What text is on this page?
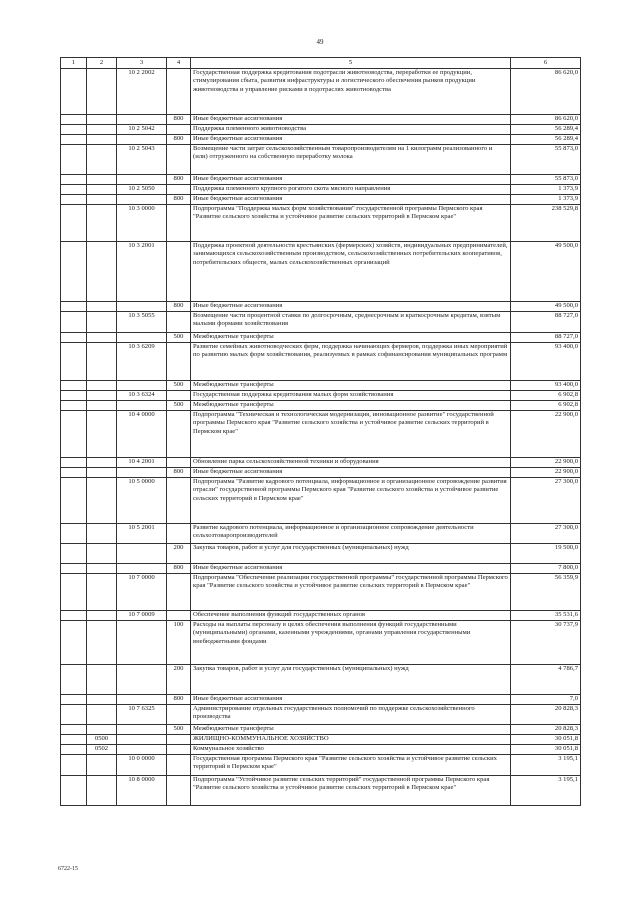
49
1	2	3	4	5	6
		10 2 2002		Государственная поддержка кредитования подотрасли животноводства, переработки ее продукции, стимулирования сбыта, развития инфраструктуры и логистического обеспечения рынков продукции животноводства и управление рисками в подотраслях животноводства	86 620,0
			800	Иные бюджетные ассигнования	86 620,0
		10 2 5042		Поддержка племенного животноводства	56 289,4
			800	Иные бюджетные ассигнования	56 289,4
		10 2 5043		Возмещение части затрат сельскохозяйственным товаропроизводителям на 1 килограмм реализованного и (или) отгруженного на собственную переработку молока	55 873,0
			800	Иные бюджетные ассигнования	55 873,0
		10 2 5050		Поддержка племенного крупного рогатого скота мясного направления	1 373,9
			800	Иные бюджетные ассигнования	1 373,9
		10 3 0000		Подпрограмма "Поддержка малых форм хозяйствования" государственной программы Пермского края "Развитие сельского хозяйства и устойчивое развитие сельских территорий в Пермском крае"	238 529,8
		10 3 2001		Поддержка проектной деятельности крестьянских (фермерских) хозяйств, индивидуальных предпринимателей, занимающихся сельскохозяйственным производством, сельскохозяйственных потребительских кооперативов, потребительских обществ, малых сельскохозяйственных организаций	49 500,0
			800	Иные бюджетные ассигнования	49 500,0
		10 3 5055		Возмещение части процентной ставки по долгосрочным, среднесрочным и краткосрочным кредитам, взятым малыми формами хозяйствования	88 727,0
			500	Межбюджетные трансферты	88 727,0
		10 3 6209		Развитие семейных животноводческих ферм, поддержка начинающих фермеров, поддержка иных мероприятий по развитию малых форм хозяйствования, реализуемых в рамках софинансирования муниципальных программ	93 400,0
			500	Межбюджетные трансферты	93 400,0
		10 3 6324		Государственная поддержка кредитования малых форм хозяйствования	6 902,8
			500	Межбюджетные трансферты	6 902,8
		10 4 0000		Подпрограмма "Техническая и технологическая модернизация, инновационное развитие" государственной программы Пермского края "Развитие сельского хозяйства и устойчивое развитие сельских территорий в Пермском крае"	22 900,0
		10 4 2001		Обновление парка сельскохозяйственной техники и оборудования	22 900,0
			800	Иные бюджетные ассигнования	22 900,0
		10 5 0000		Подпрограмма "Развитие кадрового потенциала, информационное и организационное сопровождение развития отрасли" государственной программы Пермского края "Развитие сельского хозяйства и устойчивое развитие сельских территорий в Пермском крае"	27 300,0
		10 5 2001		Развитие кадрового потенциала, информационное и организационное сопровождение деятельности сельхозтоваропроизводителей	27 300,0
			200	Закупка товаров, работ и услуг для государственных (муниципальных) нужд	19 500,0
			800	Иные бюджетные ассигнования	7 800,0
		10 7 0000		Подпрограмма "Обеспечение реализации государственной программы" государственной программы Пермского края "Развитие сельского хозяйства и устойчивое развитие сельских территорий в Пермском крае"	56 359,9
		10 7 0009		Обеспечение выполнения функций государственных органов	35 531,6
			100	Расходы на выплаты персоналу в целях обеспечения выполнения функций государственными (муниципальными) органами, казенными учреждениями, органами управления государственными внебюджетными фондами	30 737,9
			200	Закупка товаров, работ и услуг для государственных (муниципальных) нужд	4 786,7
			800	Иные бюджетные ассигнования	7,0
		10 7 6325		Администрирование отдельных государственных полномочий по поддержке сельскохозяйственного производства	20 828,3
			500	Межбюджетные трансферты	20 828,3
	0500			ЖИЛИЩНО-КОММУНАЛЬНОЕ ХОЗЯЙСТВО	30 051,8
	0502			Коммунальное хозяйство	30 051,8
		10 0 0000		Государственная программа Пермского края "Развитие сельского хозяйства и устойчивое развитие сельских территорий в Пермском крае"	3 195,1
		10 8 0000		Подпрограмма "Устойчивое развитие сельских территорий" государственной программы Пермского края "Развитие сельского хозяйства и устойчивое развитие сельских территорий в Пермском крае"	3 195,1
6722-15
